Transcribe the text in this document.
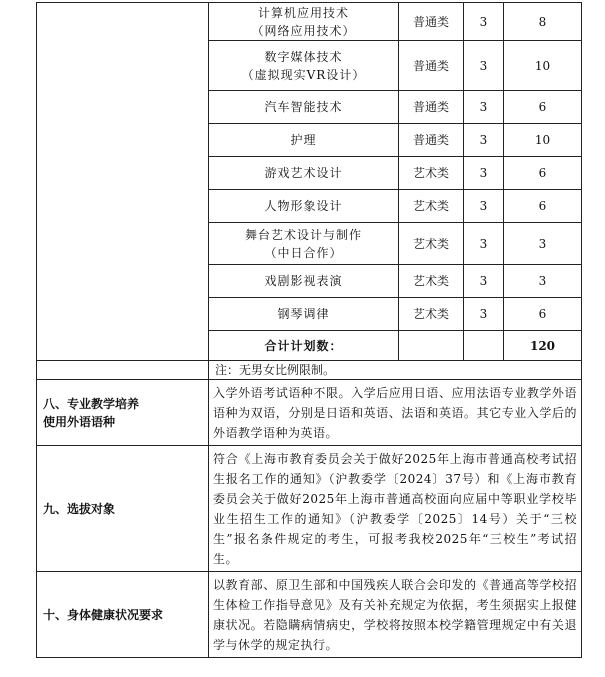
	计算机应用技术
（网络应用技术）	普通类	3	8

	数字媒体技术
（虚拟现实VR设计）	普通类	3	10

	汽车智能技术	普通类	3	6

	护理	普通类	3	10

	游戏艺术设计	艺术类	3	6

	人物形象设计	艺术类	3	6

	舞台艺术设计与制作
（中日合作）	艺术类	3	3

	戏剧影视表演	艺术类	3	3

	钢琴调律	艺术类	3	6
	合计计划数：			120
	注：无男女比例限制。			

八、专业教学培养
使用外语语种	入学外语考试语种不限。入学后应用日语、应用法语专业教学外语语种为双语，分别是日语和英语、法语和英语。其它专业入学后的外语教学语种为英语。			

九、选拔对象	符合《上海市教育委员会关于做好2025年上海市普通高校考试招生报名工作的通知》（沪教委学〔2024〕37号）和《上海市教育委员会关于做好2025年上海市普通高校面向应届中等职业学校毕业生招生工作的通知》（沪教委学〔2025〕14号）关于“三校生”报名条件规定的考生，可报考我校2025年“三校生”考试招生。			

十、身体健康状况要求	以教育部、原卫生部和中国残疾人联合会印发的《普通高等学校招生体检工作指导意见》及有关补充规定为依据，考生须据实上报健康状况。若隐瞒病情病史，学校将按照本校学籍管理规定中有关退学与休学的规定执行。			
